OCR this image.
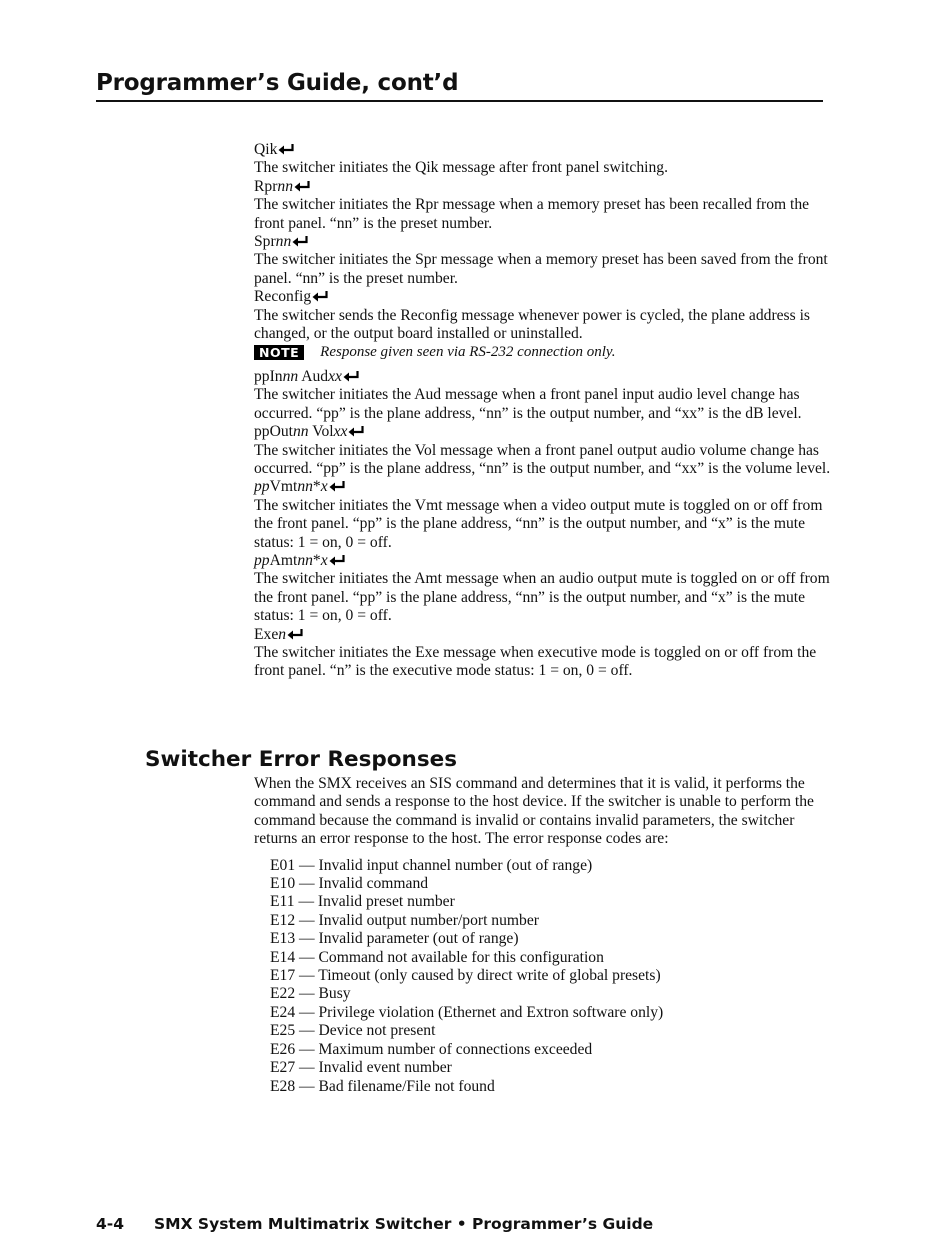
Programmer’s Guide, cont’d

Qik

The switcher initiates the Qik message after front panel switching.

Rprnn

The switcher initiates the Rpr message when a memory preset has been recalled from the front panel. “nn” is the preset number.

Sprnn

The switcher initiates the Spr message when a memory preset has been saved from the front panel. “nn” is the preset number.

Reconfig

The switcher sends the Reconfig message whenever power is cycled, the plane address is changed, or the output board installed or uninstalled.

NOTE	Response given seen via RS-232 connection only.

ppInnn Audxx

The switcher initiates the Aud message when a front panel input audio level change has occurred. “pp” is the plane address, “nn” is the output number, and “xx” is the dB level.

ppOutnn Volxx

The switcher initiates the Vol message when a front panel output audio volume change has occurred. “pp” is the plane address, “nn” is the output number, and “xx” is the volume level.

ppVmtnn*x

The switcher initiates the Vmt message when a video output mute is toggled on or off from the front panel. “pp” is the plane address, “nn” is the output number, and “x” is the mute status: 1 = on, 0 = off.

ppAmtnn*x

The switcher initiates the Amt message when an audio output mute is toggled on or off from the front panel. “pp” is the plane address, “nn” is the output number, and “x” is the mute status: 1 = on, 0 = off.

Exen

The switcher initiates the Exe message when executive mode is toggled on or off from the front panel. “n” is the executive mode status: 1 = on, 0 = off.

Switcher Error Responses

When the SMX receives an SIS command and determines that it is valid, it performs the command and sends a response to the host device. If the switcher is unable to perform the command because the command is invalid or contains invalid parameters, the switcher returns an error response to the host. The error response codes are:

E01 — Invalid input channel number (out of range)
E10 — Invalid command
E11 — Invalid preset number
E12 — Invalid output number/port number
E13 — Invalid parameter (out of range)
E14 — Command not available for this configuration
E17 — Timeout (only caused by direct write of global presets)
E22 — Busy
E24 — Privilege violation (Ethernet and Extron software only)
E25 — Device not present
E26 — Maximum number of connections exceeded
E27 — Invalid event number
E28 — Bad filename/File not found
4-4 SMX System Multimatrix Switcher • Programmer’s Guide
